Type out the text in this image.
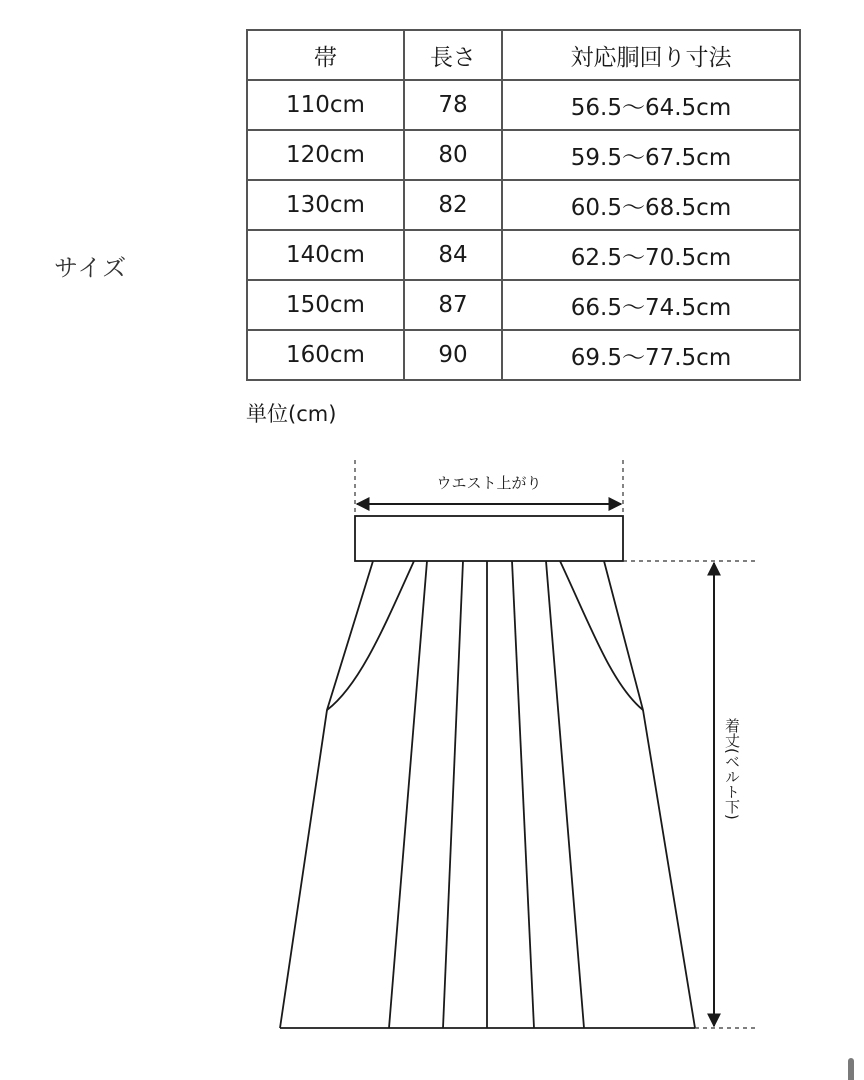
サイズ
帯	長さ	対応胴回り寸法
110cm	78	56.5〜64.5cm
120cm	80	59.5〜67.5cm
130cm	82	60.5〜68.5cm
140cm	84	62.5〜70.5cm
150cm	87	66.5〜74.5cm
160cm	90	69.5〜77.5cm
単位(cm)
ウエスト上がり
着丈(ベルト下)
